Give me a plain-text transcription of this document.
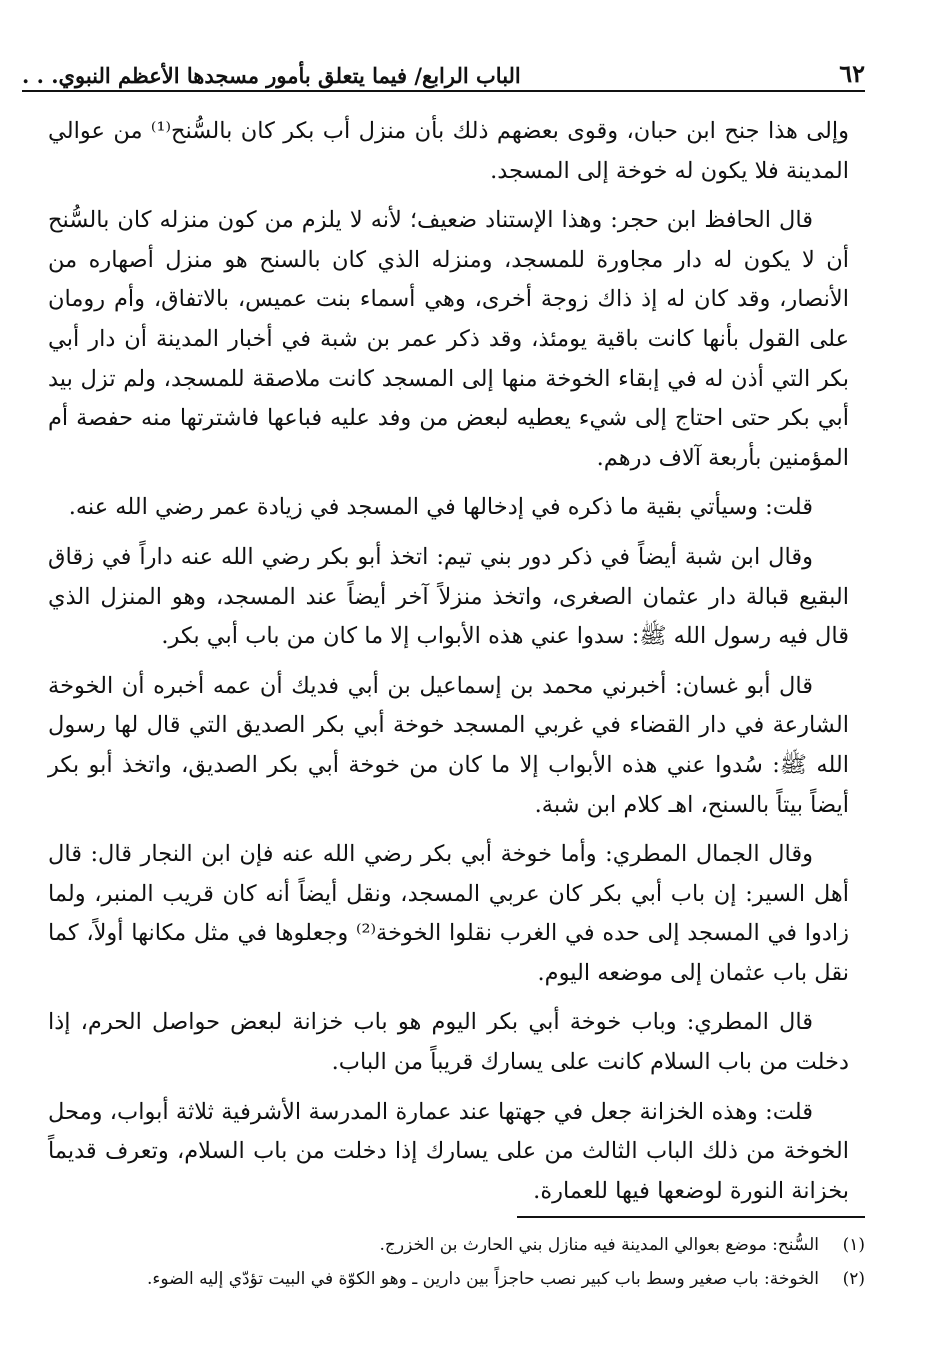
٦٢
الباب الرابع/ فيما يتعلق بأمور مسجدها الأعظم النبوي. . .

وإلى هذا جنح ابن حبان، وقوى بعضهم ذلك بأن منزل أب بكر كان بالسُّنح⁽¹⁾ من عوالي المدينة فلا يكون له خوخة إلى المسجد.

قال الحافظ ابن حجر: وهذا الإستناد ضعيف؛ لأنه لا يلزم من كون منزله كان بالسُّنح أن لا يكون له دار مجاورة للمسجد، ومنزله الذي كان بالسنح هو منزل أصهاره من الأنصار، وقد كان له إذ ذاك زوجة أخرى، وهي أسماء بنت عميس، بالاتفاق، وأم رومان على القول بأنها كانت باقية يومئذ، وقد ذكر عمر بن شبة في أخبار المدينة أن دار أبي بكر التي أذن له في إبقاء الخوخة منها إلى المسجد كانت ملاصقة للمسجد، ولم تزل بيد أبي بكر حتى احتاج إلى شيء يعطيه لبعض من وفد عليه فباعها فاشترتها منه حفصة أم المؤمنين بأربعة آلاف درهم.

قلت: وسيأتي بقية ما ذكره في إدخالها في المسجد في زيادة عمر رضي الله عنه.

وقال ابن شبة أيضاً في ذكر دور بني تيم: اتخذ أبو بكر رضي الله عنه داراً في زقاق البقيع قبالة دار عثمان الصغرى، واتخذ منزلاً آخر أيضاً عند المسجد، وهو المنزل الذي قال فيه رسول الله ﷺ: سدوا عني هذه الأبواب إلا ما كان من باب أبي بكر.

قال أبو غسان: أخبرني محمد بن إسماعيل بن أبي فديك أن عمه أخبره أن الخوخة الشارعة في دار القضاء في غربي المسجد خوخة أبي بكر الصديق التي قال لها رسول الله ﷺ: سُدوا عني هذه الأبواب إلا ما كان من خوخة أبي بكر الصديق، واتخذ أبو بكر أيضاً بيتاً بالسنح، اهـ كلام ابن شبة.

وقال الجمال المطري: وأما خوخة أبي بكر رضي الله عنه فإن ابن النجار قال: قال أهل السير: إن باب أبي بكر كان عربي المسجد، ونقل أيضاً أنه كان قريب المنبر، ولما زادوا في المسجد إلى حده في الغرب نقلوا الخوخة⁽²⁾ وجعلوها في مثل مكانها أولاً، كما نقل باب عثمان إلى موضعه اليوم.

قال المطري: وباب خوخة أبي بكر اليوم هو باب خزانة لبعض حواصل الحرم، إذا دخلت من باب السلام كانت على يسارك قريباً من الباب.

قلت: وهذه الخزانة جعل في جهتها عند عمارة المدرسة الأشرفية ثلاثة أبواب، ومحل الخوخة من ذلك الباب الثالث من على يسارك إذا دخلت من باب السلام، وتعرف قديماً بخزانة النورة لوضعها فيها للعمارة.

(١)
السُّنح: موضع بعوالي المدينة فيه منازل بني الحارث بن الخزرج.
(٢)
الخوخة: باب صغير وسط باب كبير نصب حاجزاً بين دارين ـ وهو الكوّة في البيت تؤدّي إليه الضوء.
